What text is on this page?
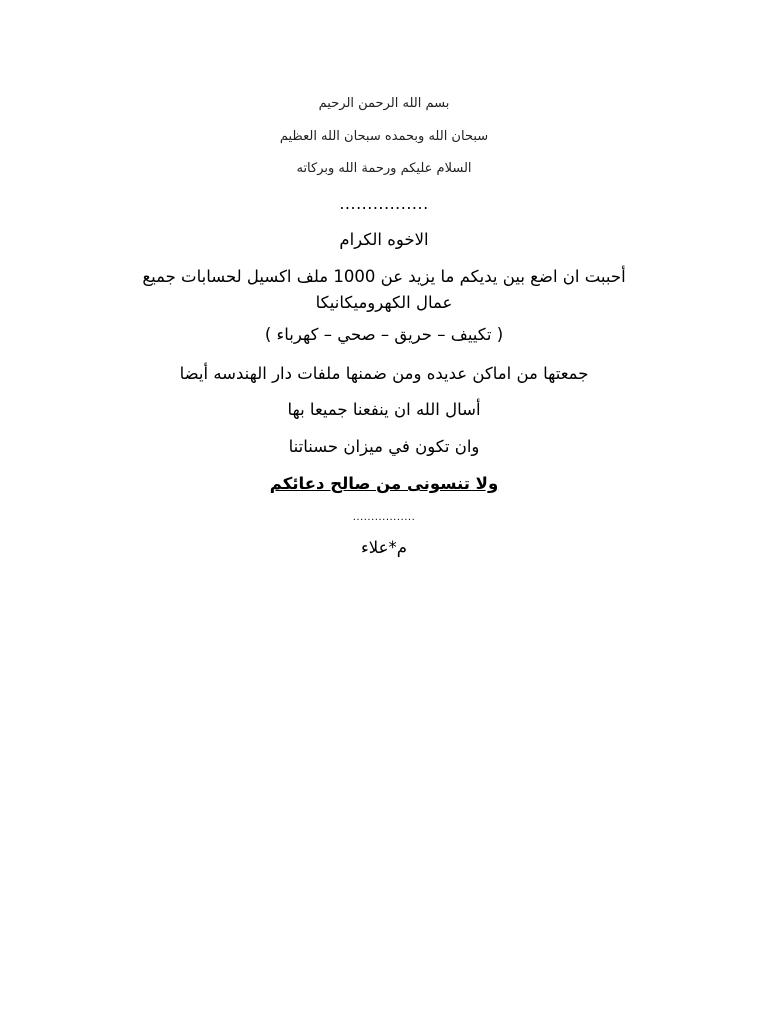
بسم الله الرحمن الرحيم
سبحان الله وبحمده سبحان الله العظيم
السلام عليكم ورحمة الله وبركاته
................
الاخوه الكرام
أحببت ان اضع بين يديكم ما يزيد عن 1000 ملف اكسيل لحسابات جميع عمال الكهروميكانيكا
( تكييف – حريق – صحي – كهرباء )
جمعتها من اماكن عديده ومن ضمنها ملفات دار الهندسه أيضا
أسال الله ان ينفعنا جميعا بها
وان تكون في ميزان حسناتنا
ولا تنسونى من صالح دعائكم
.................
م*علاء
